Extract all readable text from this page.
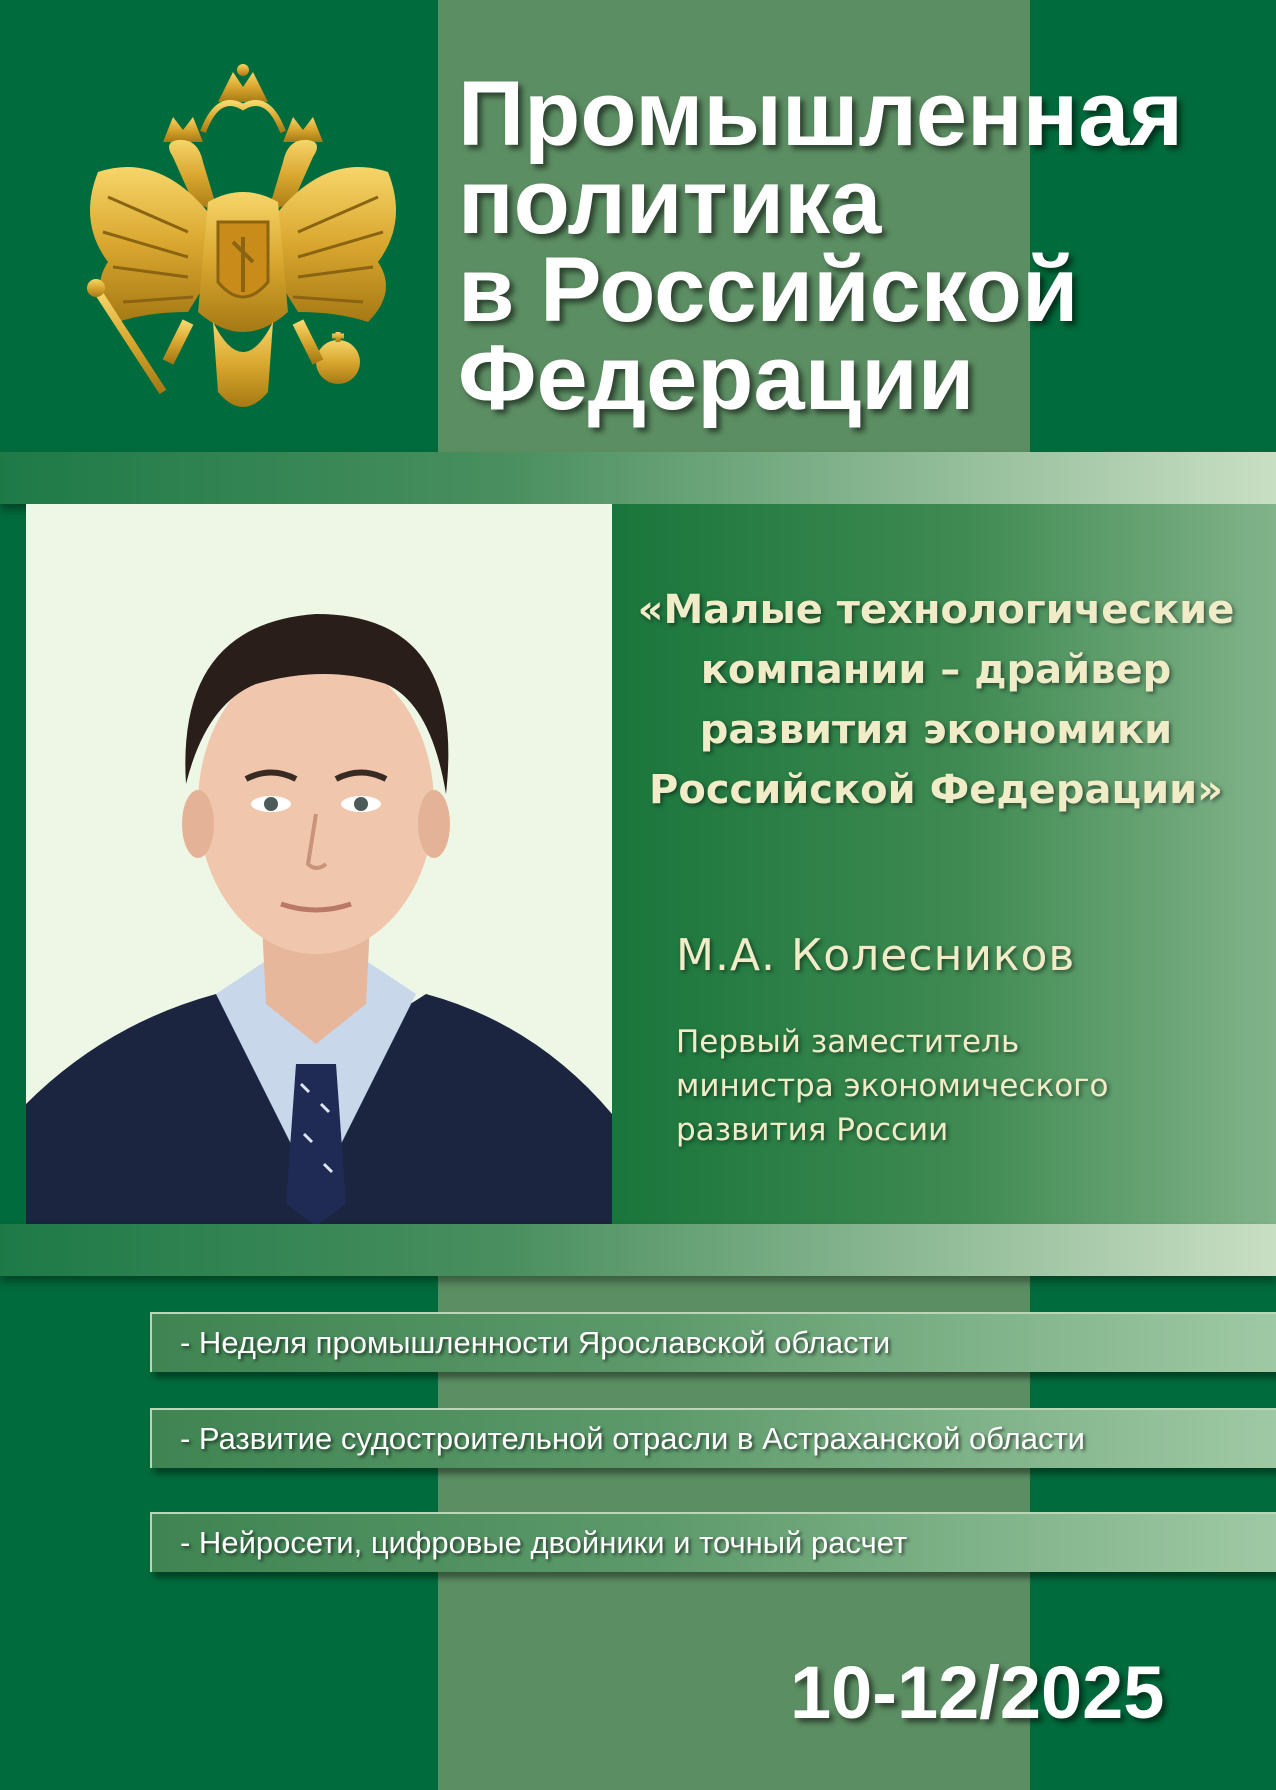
Промышленная
политика
в Российской
Федерации

«Малые технологические
компании – драйвер
развития экономики
Российской Федерации»

М.А. Колесников
Первый заместитель
министра экономического
развития России
- Неделя промышленности Ярославской области
- Развитие судостроительной отрасли в Астраханской области
- Нейросети, цифровые двойники и точный расчет
10-12/2025
